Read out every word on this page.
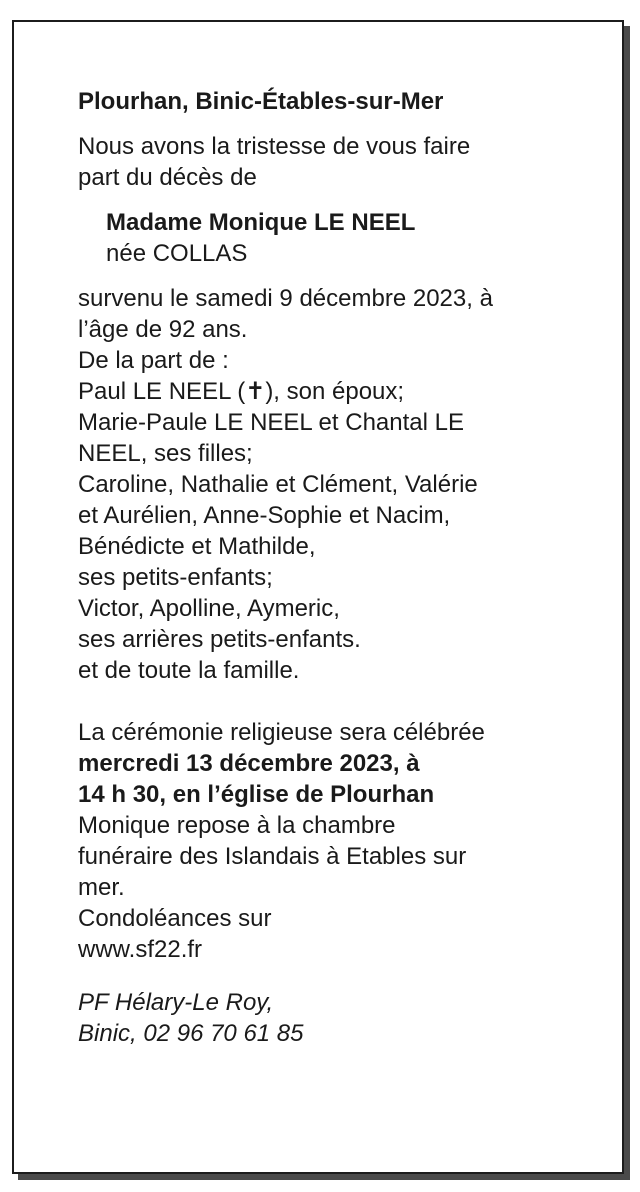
Plourhan, Binic-Étables-sur-Mer

Nous avons la tristesse de vous faire
part du décès de

Madame Monique LE NEEL
née COLLAS

survenu le samedi 9 décembre 2023, à
l’âge de 92 ans.
De la part de :
Paul LE NEEL (✝), son époux;
Marie-Paule LE NEEL et Chantal LE
NEEL, ses filles;
Caroline, Nathalie et Clément, Valérie
et Aurélien, Anne-Sophie et Nacim,
Bénédicte et Mathilde,
ses petits-enfants;
Victor, Apolline, Aymeric,
ses arrières petits-enfants.
et de toute la famille.

La cérémonie religieuse sera célébrée
mercredi 13 décembre 2023, à
14 h 30, en l’église de Plourhan
Monique repose à la chambre
funéraire des Islandais à Etables sur
mer.
Condoléances sur
www.sf22.fr

PF Hélary-Le Roy,
Binic, 02 96 70 61 85
